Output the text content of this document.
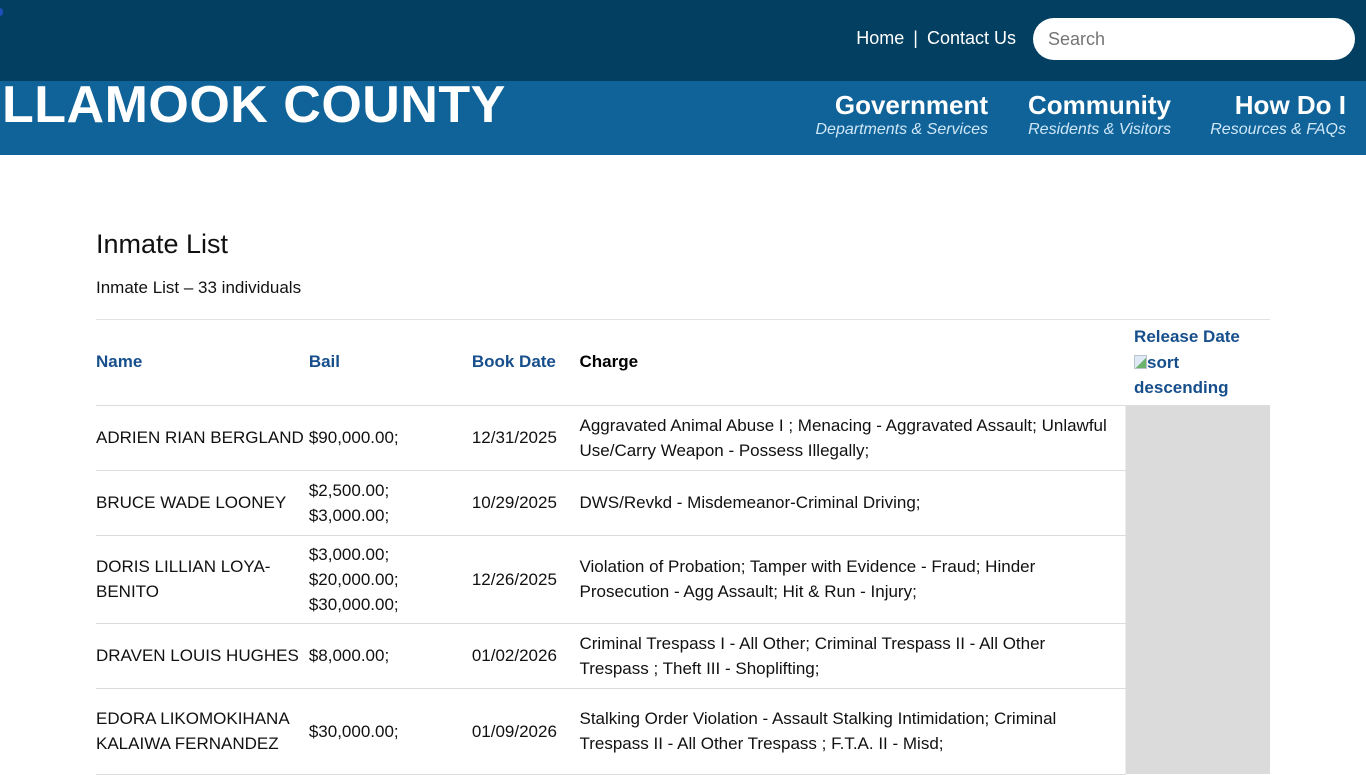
Home | Contact Us
Search
LLAMOOK COUNTY	Government
Departments & Services
Community
Residents & Visitors
How Do I
Resources & FAQs
Inmate List
Inmate List – 33 individuals
Name	Bail	Book Date	Charge	Release Date
sort
descending
ADRIEN RIAN BERGLAND	$90,000.00;	12/31/2025	Aggravated Animal Abuse I ; Menacing - Aggravated Assault; Unlawful Use/Carry Weapon - Possess Illegally;	
BRUCE WADE LOONEY	$2,500.00;
$3,000.00;	10/29/2025	DWS/Revkd - Misdemeanor-Criminal Driving;	
DORIS LILLIAN LOYA-BENITO	$3,000.00;
$20,000.00;
$30,000.00;	12/26/2025	Violation of Probation; Tamper with Evidence - Fraud; Hinder Prosecution - Agg Assault; Hit & Run - Injury;	
DRAVEN LOUIS HUGHES	$8,000.00;	01/02/2026	Criminal Trespass I - All Other; Criminal Trespass II - All Other Trespass ; Theft III - Shoplifting;	
EDORA LIKOMOKIHANA KALAIWA FERNANDEZ	$30,000.00;	01/09/2026	Stalking Order Violation - Assault Stalking Intimidation; Criminal Trespass II - All Other Trespass ; F.T.A. II - Misd;	
